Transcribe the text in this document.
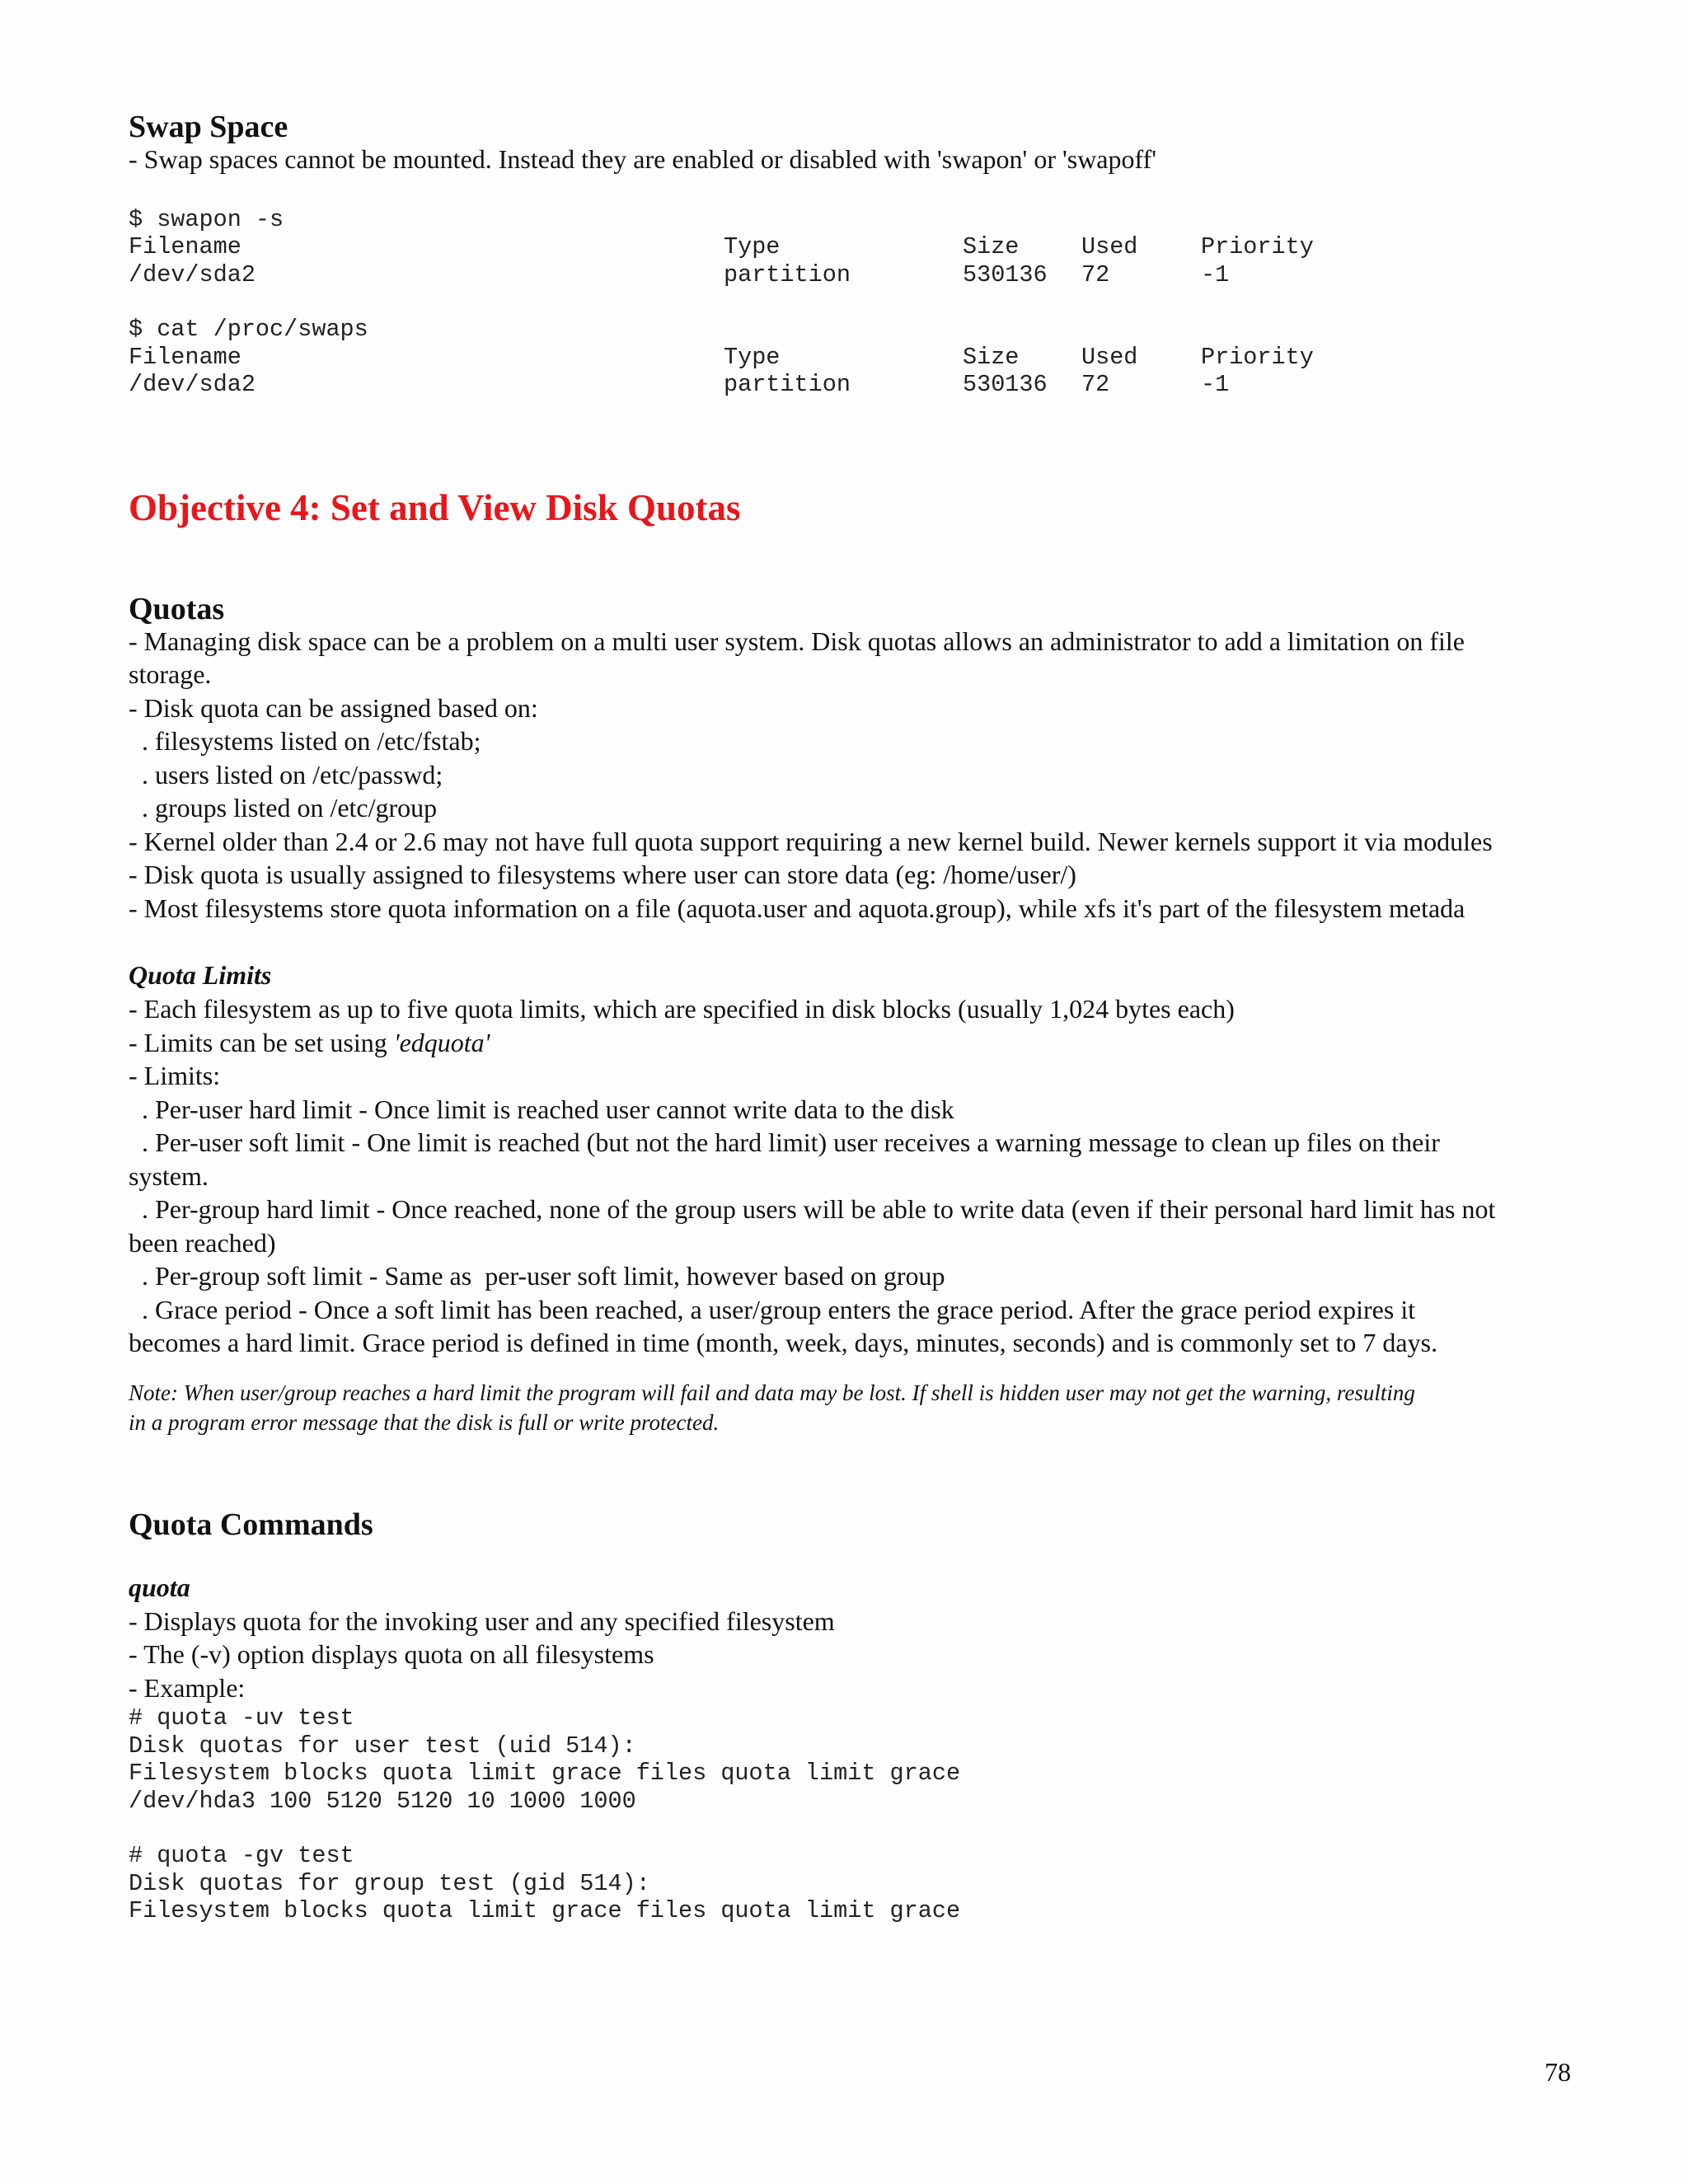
Swap Space
- Swap spaces cannot be mounted. Instead they are enabled or disabled with 'swapon' or 'swapoff'
$ swapon -s
Filename	Type	Size	Used	Priority
/dev/sda2	partition	530136	72	-1
$ cat /proc/swaps
Filename	Type	Size	Used	Priority
/dev/sda2	partition	530136	72	-1
Objective 4: Set and View Disk Quotas
Quotas
- Managing disk space can be a problem on a multi user system. Disk quotas allows an administrator to add a limitation on file
storage.
- Disk quota can be assigned based on:
. filesystems listed on /etc/fstab;
. users listed on /etc/passwd;
. groups listed on /etc/group
- Kernel older than 2.4 or 2.6 may not have full quota support requiring a new kernel build. Newer kernels support it via modules
- Disk quota is usually assigned to filesystems where user can store data (eg: /home/user/)
- Most filesystems store quota information on a file (aquota.user and aquota.group), while xfs it's part of the filesystem metada
Quota Limits
- Each filesystem as up to five quota limits, which are specified in disk blocks (usually 1,024 bytes each)
- Limits can be set using 'edquota'
- Limits:
. Per-user hard limit - Once limit is reached user cannot write data to the disk
. Per-user soft limit - One limit is reached (but not the hard limit) user receives a warning message to clean up files on their
system.
. Per-group hard limit - Once reached, none of the group users will be able to write data (even if their personal hard limit has not
been reached)
. Per-group soft limit - Same as  per-user soft limit, however based on group
. Grace period - Once a soft limit has been reached, a user/group enters the grace period. After the grace period expires it
becomes a hard limit. Grace period is defined in time (month, week, days, minutes, seconds) and is commonly set to 7 days.
Note: When user/group reaches a hard limit the program will fail and data may be lost. If shell is hidden user may not get the warning, resulting
in a program error message that the disk is full or write protected.
Quota Commands
quota
- Displays quota for the invoking user and any specified filesystem
- The (-v) option displays quota on all filesystems
- Example:
# quota -uv test
Disk quotas for user test (uid 514):
Filesystem blocks quota limit grace files quota limit grace
/dev/hda3 100 5120 5120 10 1000 1000
# quota -gv test
Disk quotas for group test (gid 514):
Filesystem blocks quota limit grace files quota limit grace
78
